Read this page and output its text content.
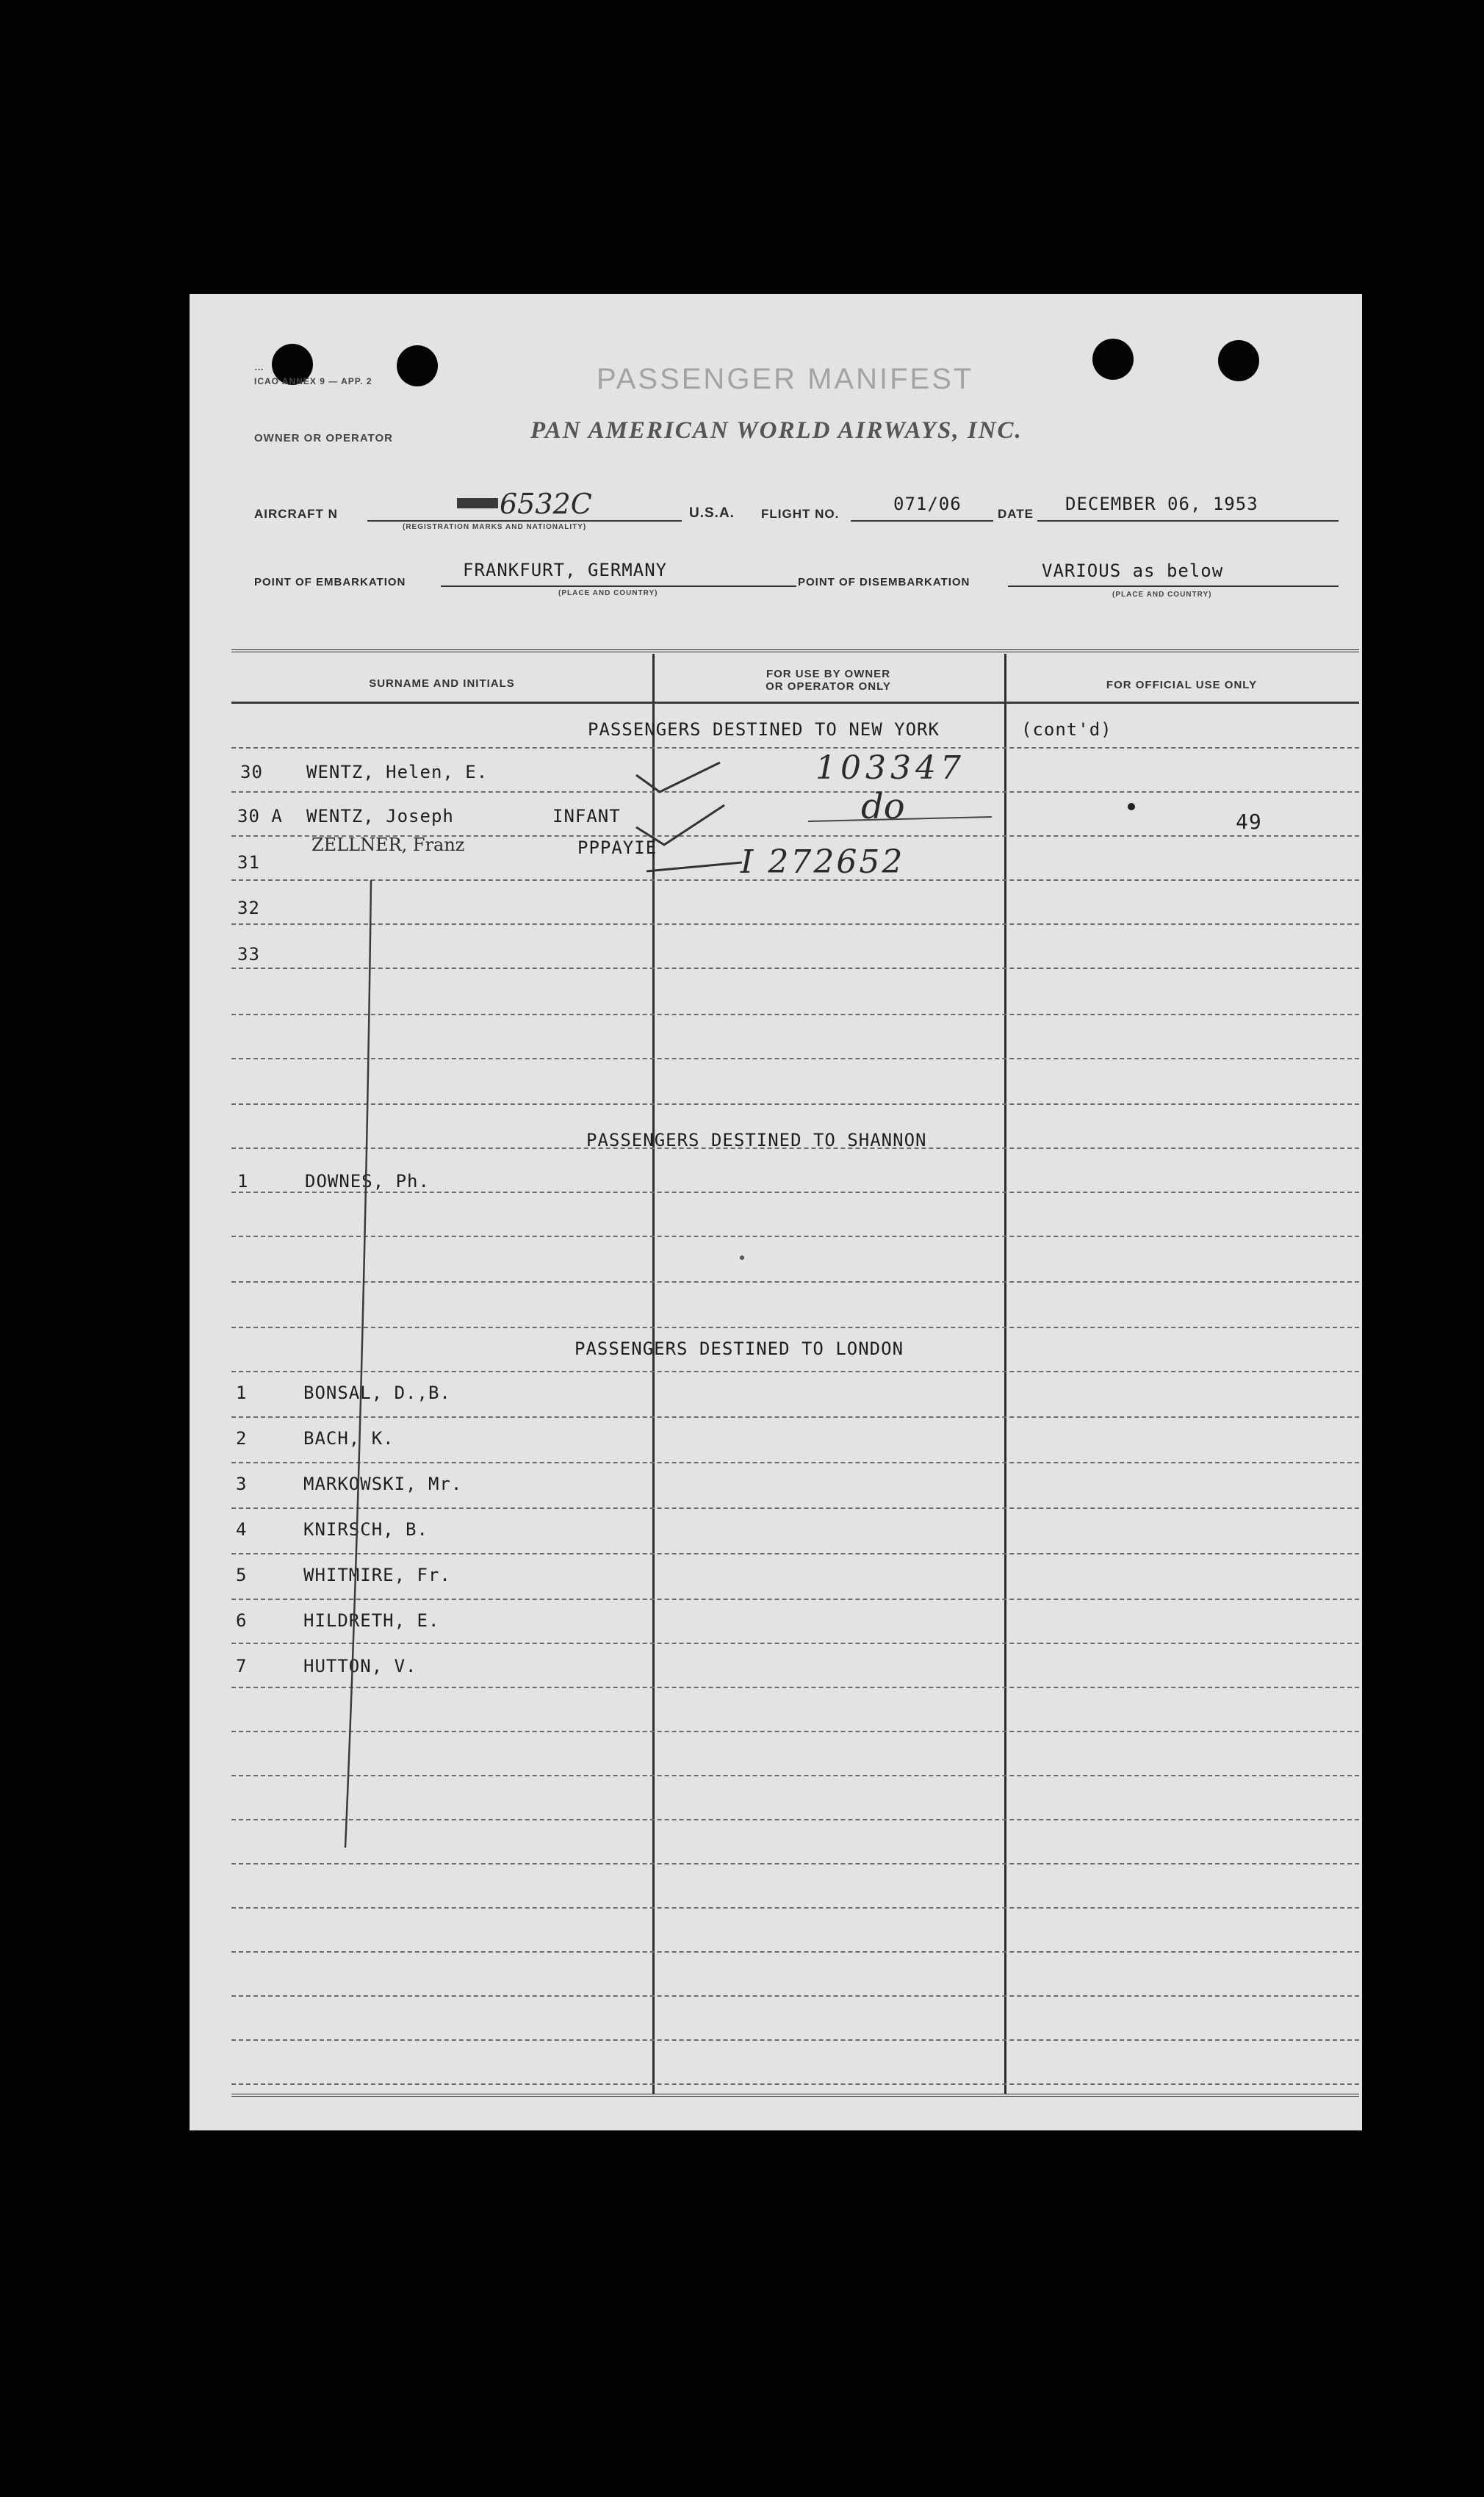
…
ICAO ANNEX 9 — APP. 2	PASSENGER MANIFEST
OWNER OR OPERATOR	PAN AMERICAN WORLD AIRWAYS, INC.
AIRCRAFT N	6532C
(REGISTRATION MARKS AND NATIONALITY)
U.S.A. FLIGHT NO.	071/06	DATE DECEMBER 06, 1953
POINT OF EMBARKATION
FRANKFURT, GERMANY
(PLACE AND COUNTRY)
POINT OF DISEMBARKATION
VARIOUS as below
(PLACE AND COUNTRY)
SURNAME AND INITIALS
FOR USE BY OWNER
OR OPERATOR ONLY	FOR OFFICIAL USE ONLY
PASSENGERS DESTINED TO NEW YORK	(cont'd)
30 WENTZ, Helen, E.	103347
30 A WENTZ, Joseph	INFANT	do	49
31
ZELLNER, Franz	PPPAYIE	I 272652
32
33
PASSENGERS DESTINED TO SHANNON
1	DOWNES, Ph.
PASSENGERS DESTINED TO LONDON
1	BONSAL, D.,B.
2	BACH, K.
3	MARKOWSKI, Mr.
4	KNIRSCH, B.
5	WHITMIRE, Fr.
6	HILDRETH, E.
7	HUTTON, V.
